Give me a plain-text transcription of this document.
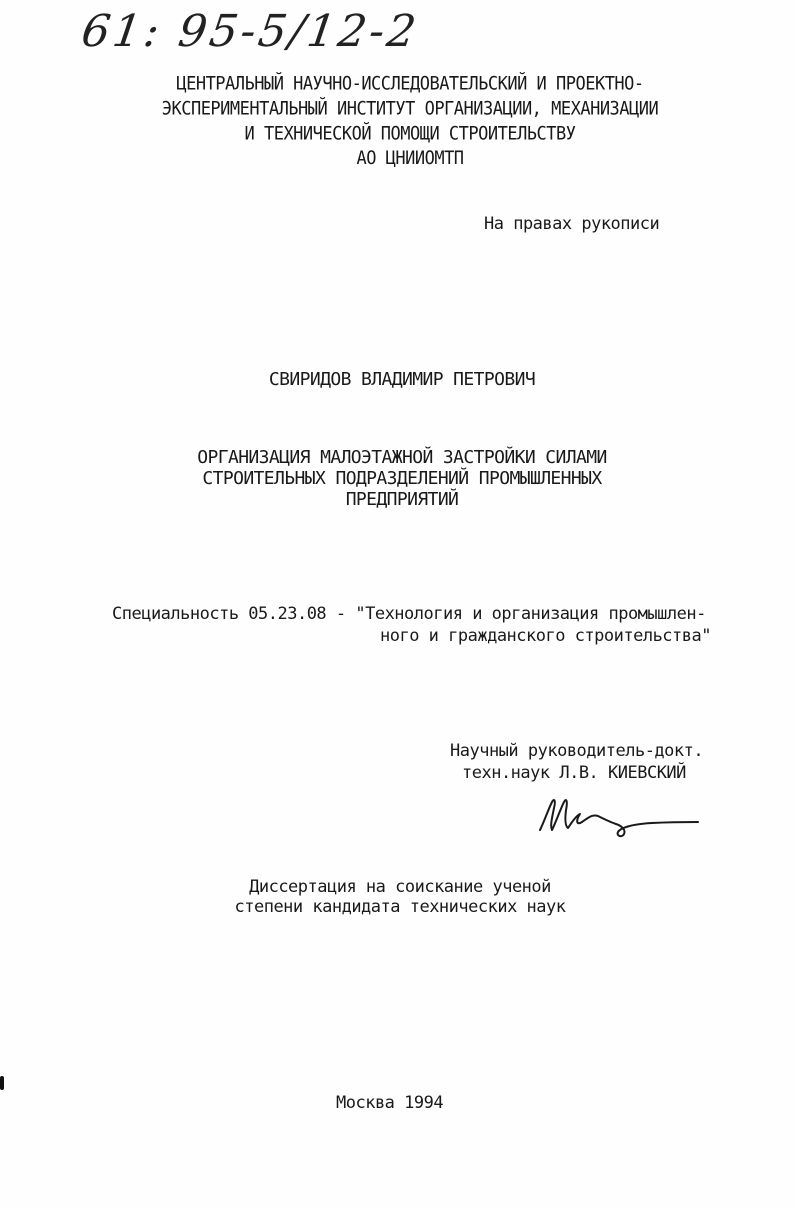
61: 95-5/12-2
ЦЕНТРАЛЬНЫЙ НАУЧНО-ИССЛЕДОВАТЕЛЬСКИЙ И ПРОЕКТНО-
ЭКСПЕРИМЕНТАЛЬНЫЙ ИНСТИТУТ ОРГАНИЗАЦИИ, МЕХАНИЗАЦИИ
И ТЕХНИЧЕСКОЙ ПОМОЩИ СТРОИТЕЛЬСТВУ
АО ЦНИИОМТП
На правах рукописи
СВИРИДОВ ВЛАДИМИР ПЕТРОВИЧ
ОРГАНИЗАЦИЯ МАЛОЭТАЖНОЙ ЗАСТРОЙКИ СИЛАМИ
СТРОИТЕЛЬНЫХ ПОДРАЗДЕЛЕНИЙ ПРОМЫШЛЕННЫХ
ПРЕДПРИЯТИЙ
Специальность 05.23.08 - "Технология и организация промышлен-
ного и гражданского строительства"
Научный руководитель-докт.
техн.наук Л.В. КИЕВСКИЙ
Диссертация на соискание ученой
степени кандидата технических наук
Москва 1994
